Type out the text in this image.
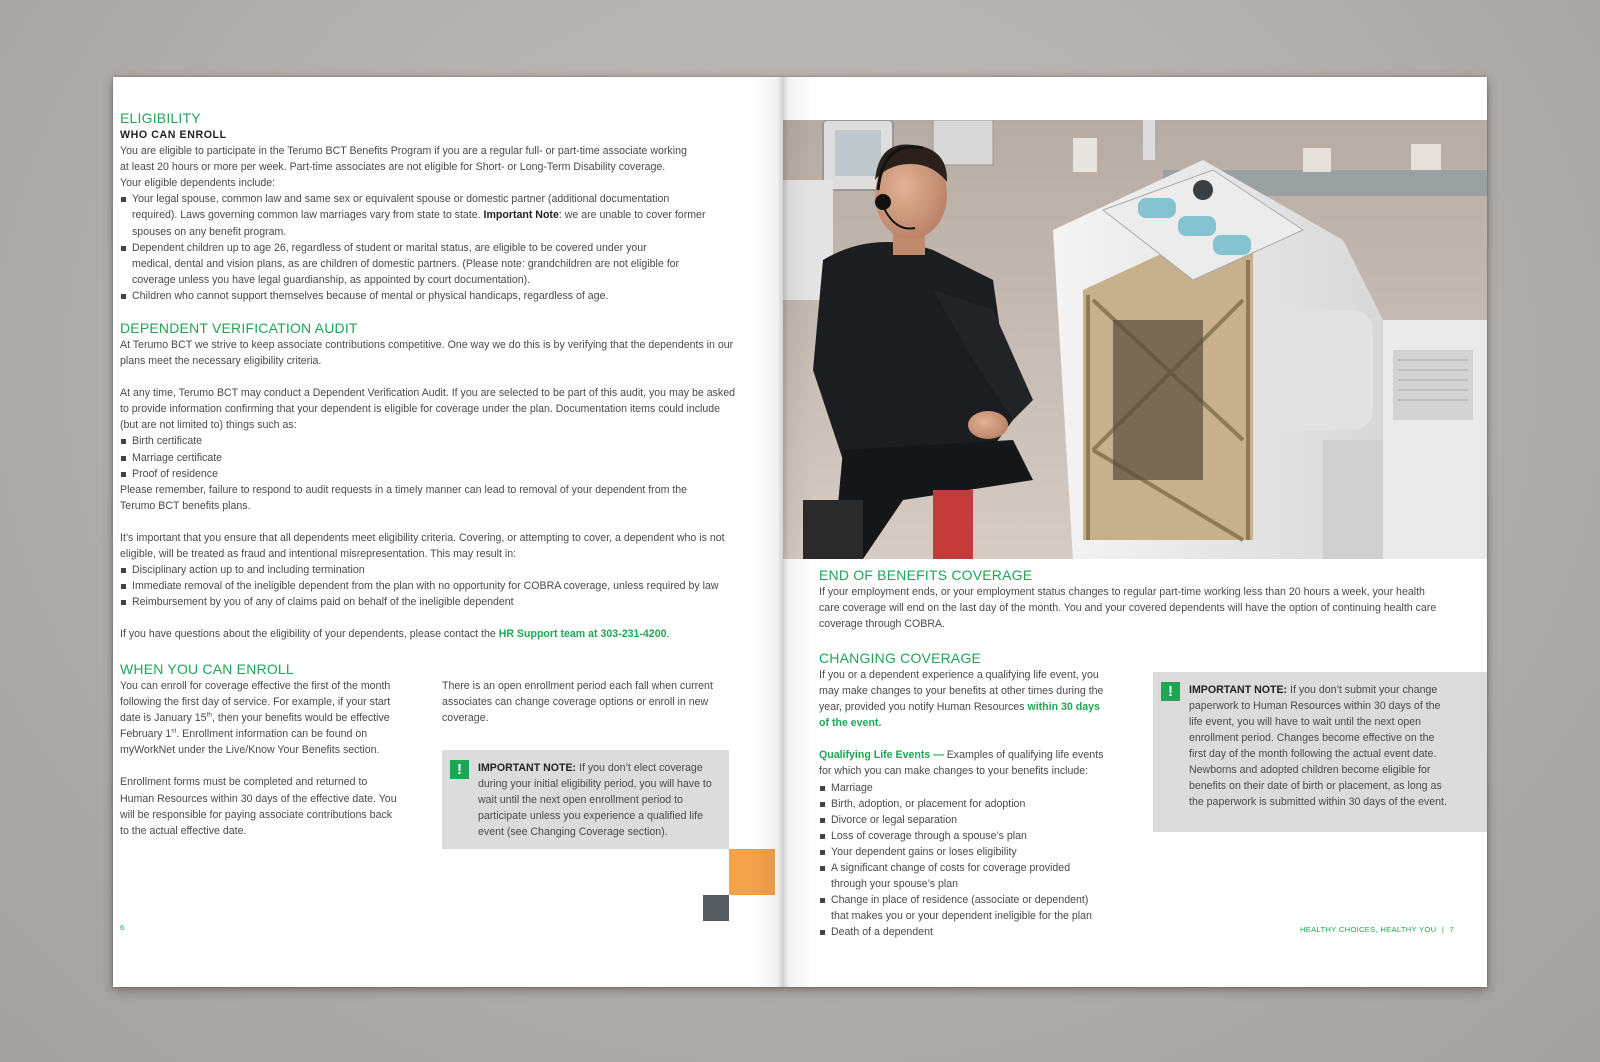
ELIGIBILITY

WHO CAN ENROLL

You are eligible to participate in the Terumo BCT Benefits Program if you are a regular full- or part-time associate working at least 20 hours or more per week. Part-time associates are not eligible for Short- or Long-Term Disability coverage.

Your eligible dependents include:

Your legal spouse, common law and same sex or equivalent spouse or domestic partner (additional documentation required). Laws governing common law marriages vary from state to state. Important Note: we are unable to cover former spouses on any benefit program.
Dependent children up to age 26, regardless of student or marital status, are eligible to be covered under your medical, dental and vision plans, as are children of domestic partners. (Please note: grandchildren are not eligible for coverage unless you have legal guardianship, as appointed by court documentation).
Children who cannot support themselves because of mental or physical handicaps, regardless of age.
DEPENDENT VERIFICATION AUDIT

At Terumo BCT we strive to keep associate contributions competitive. One way we do this is by verifying that the dependents in our plans meet the necessary eligibility criteria.

At any time, Terumo BCT may conduct a Dependent Verification Audit. If you are selected to be part of this audit, you may be asked to provide information confirming that your dependent is eligible for coverage under the plan. Documentation items could include (but are not limited to) things such as:

Birth certificate
Marriage certificate
Proof of residence

Please remember, failure to respond to audit requests in a timely manner can lead to removal of your dependent from the Terumo BCT benefits plans.

It’s important that you ensure that all dependents meet eligibility criteria. Covering, or attempting to cover, a dependent who is not eligible, will be treated as fraud and intentional misrepresentation. This may result in:

Disciplinary action up to and including termination
Immediate removal of the ineligible dependent from the plan with no opportunity for COBRA coverage, unless required by law
Reimbursement by you of any of claims paid on behalf of the ineligible dependent

If you have questions about the eligibility of your dependents, please contact the HR Support team at 303-231-4200.

WHEN YOU CAN ENROLL

You can enroll for coverage effective the first of the month following the first day of service. For example, if your start date is January 15th, then your benefits would be effective February 1st. Enrollment information can be found on myWorkNet under the Live/Know Your Benefits section.

Enrollment forms must be completed and returned to Human Resources within 30 days of the effective date. You will be responsible for paying associate contributions back to the actual effective date.

There is an open enrollment period each fall when current associates can change coverage options or enroll in new coverage.

!	IMPORTANT NOTE: If you don’t elect coverage during your initial eligibility period, you will have to wait until the next open enrollment period to participate unless you experience a qualified life event (see Changing Coverage section).
6
END OF BENEFITS COVERAGE

If your employment ends, or your employment status changes to regular part-time working less than 20 hours a week, your health care coverage will end on the last day of the month. You and your covered dependents will have the option of continuing health care coverage through COBRA.

CHANGING COVERAGE

If you or a dependent experience a qualifying life event, you may make changes to your benefits at other times during the year, provided you notify Human Resources within 30 days of the event.

Qualifying Life Events — Examples of qualifying life events for which you can make changes to your benefits include:

Marriage
Birth, adoption, or placement for adoption
Divorce or legal separation
Loss of coverage through a spouse’s plan
Your dependent gains or loses eligibility
A significant change of costs for coverage provided through your spouse’s plan
Change in place of residence (associate or dependent) that makes you or your dependent ineligible for the plan
Death of a dependent
!	IMPORTANT NOTE: If you don’t submit your change paperwork to Human Resources within 30 days of the life event, you will have to wait until the next open enrollment period. Changes become effective on the first day of the month following the actual event date. Newborns and adopted children become eligible for benefits on their date of birth or placement, as long as the paperwork is submitted within 30 days of the event.
HEALTHY CHOICES, HEALTHY YOU | 7
